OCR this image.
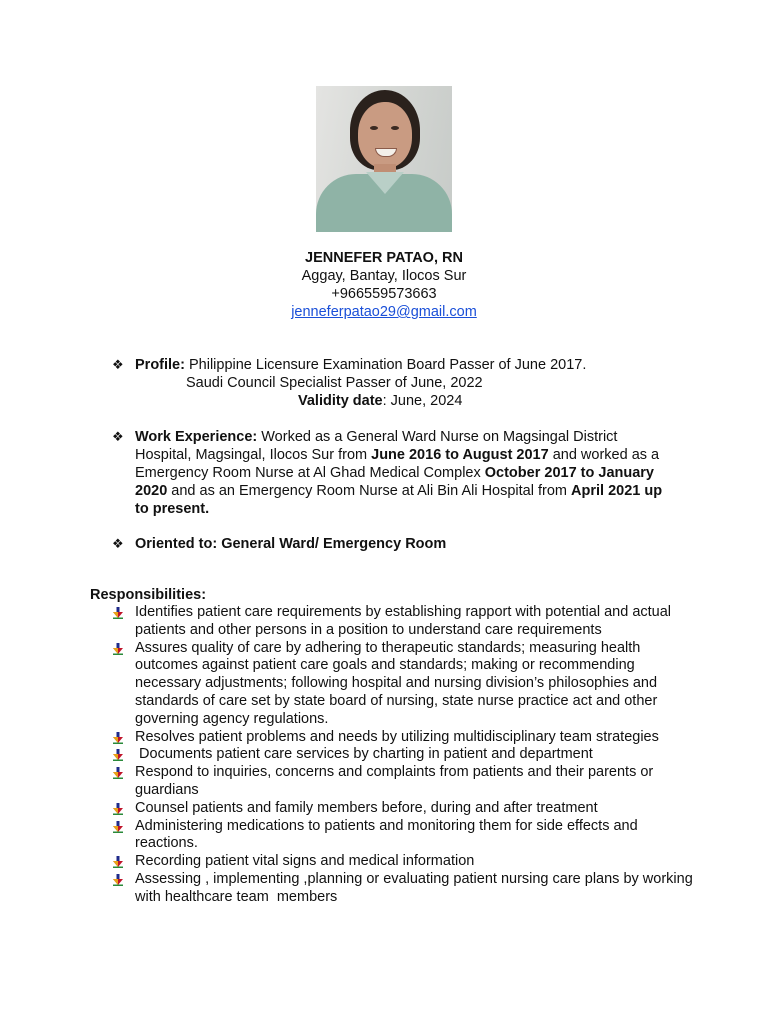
JENNEFER PATAO, RN
Aggay, Bantay, Ilocos Sur
+966559573663
jenneferpatao29@gmail.com
❖ Profile: Philippine Licensure Examination Board Passer of June 2017.
Saudi Council Specialist Passer of June, 2022
Validity date: June, 2024
❖ Work Experience: Worked as a General Ward Nurse on Magsingal District Hospital, Magsingal, Ilocos Sur from June 2016 to August 2017 and worked as a Emergency Room Nurse at Al Ghad Medical Complex October 2017 to January 2020 and as an Emergency Room Nurse at Ali Bin Ali Hospital from April 2021 up to present.
❖ Oriented to: General Ward/ Emergency Room
Responsibilities:
Identifies patient care requirements by establishing rapport with potential and actual patients and other persons in a position to understand care requirements
Assures quality of care by adhering to therapeutic standards; measuring health outcomes against patient care goals and standards; making or recommending necessary adjustments; following hospital and nursing division’s philosophies and standards of care set by state board of nursing, state nurse practice act and other governing agency regulations.
Resolves patient problems and needs by utilizing multidisciplinary team strategies
Documents patient care services by charting in patient and department
Respond to inquiries, concerns and complaints from patients and their parents or guardians
Counsel patients and family members before, during and after treatment
Administering medications to patients and monitoring them for side effects and reactions.
Recording patient vital signs and medical information
Assessing , implementing ,planning or evaluating patient nursing care plans by working with healthcare team  members
